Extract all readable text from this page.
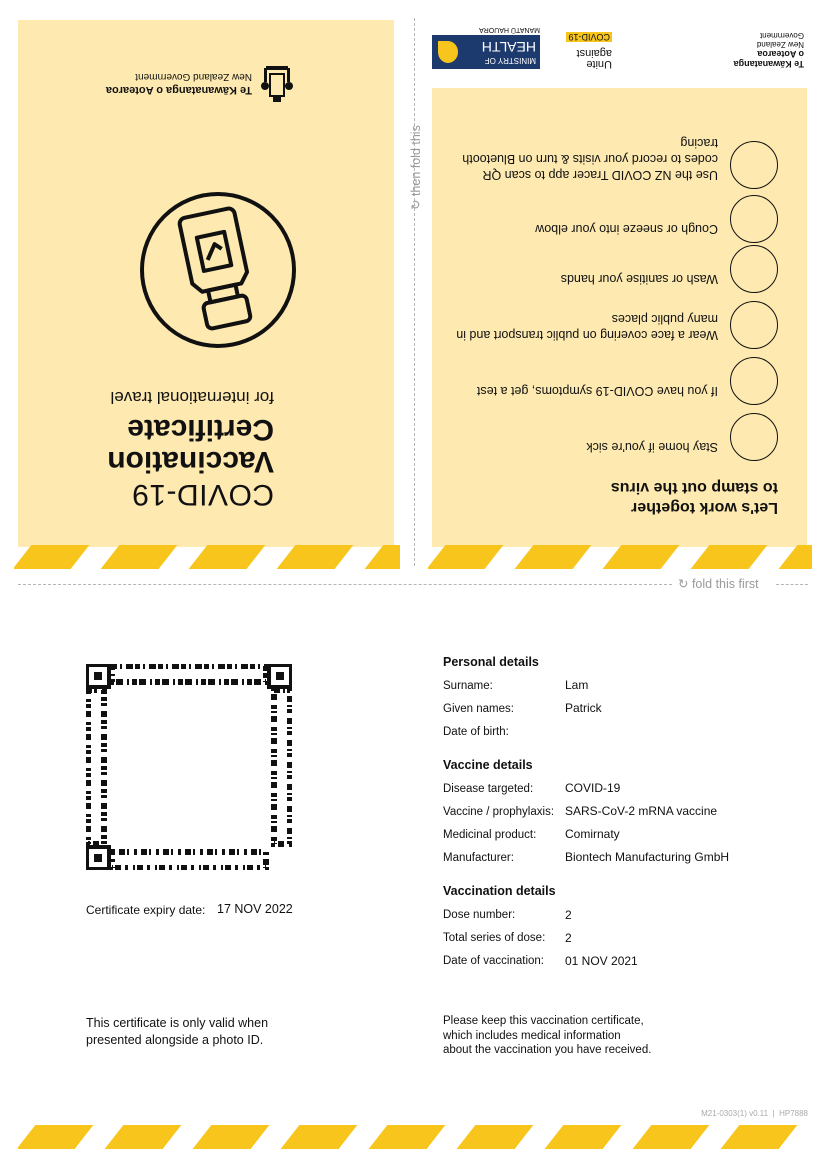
COVID-19
Vaccination
Certificate
for international travel
Te Kāwanatanga o Aotearoa
New Zealand Government
Let's work together
to stamp out the virus
Stay home if you're sick
If you have COVID-19 symptoms, get a test
Wear a face covering on public transport and in many public places
Wash or sanitise your hands
Cough or sneeze into your elbow
Use the NZ COVID Tracer app to scan QR codes to record your visits & turn on Bluetooth tracing
Te Kāwanatanga
o Aotearoa
New Zealand Government
Unite
against
COVID-19
MINISTRY OF
HEALTH
MANATŪ HAUORA
↻ then fold this
↻ fold this first
Certificate expiry date: 17 NOV 2022
This certificate is only valid when
presented alongside a photo ID.
Personal details
Surname:	Lam
Given names:	Patrick
Date of birth:
Vaccine details
Disease targeted:	COVID-19
Vaccine / prophylaxis: SARS-CoV-2 mRNA vaccine
Medicinal product: Comirnaty
Manufacturer:	Biontech Manufacturing GmbH
Vaccination details
Dose number:	2
Total series of dose: 2
Date of vaccination: 01 NOV 2021
Please keep this vaccination certificate,
which includes medical information
about the vaccination you have received.
M21-0303(1) v0.11  |  HP7888
